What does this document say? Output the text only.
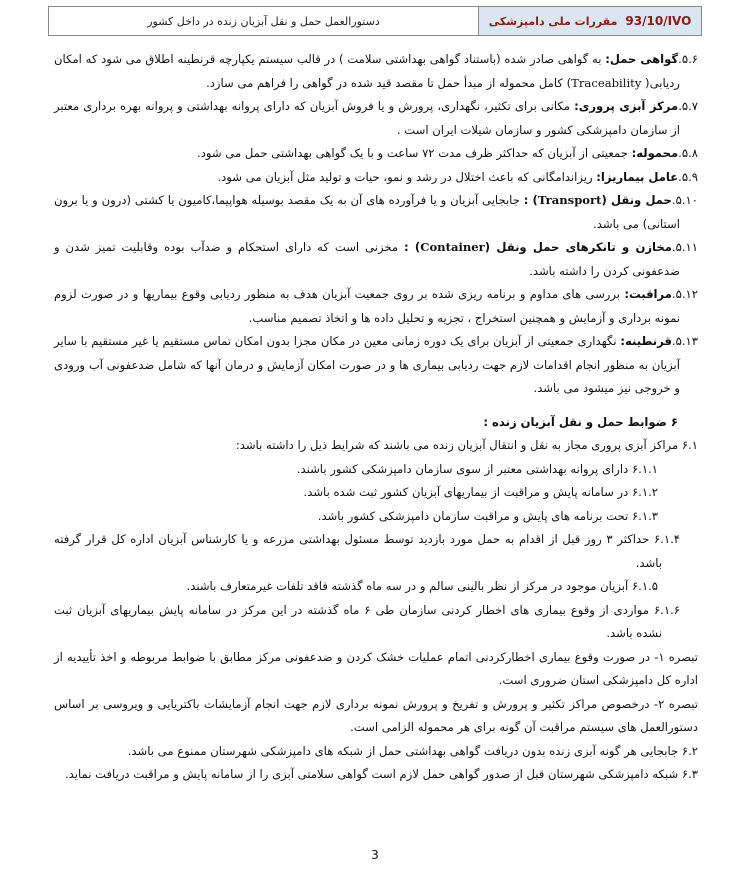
93/10/IVO
مقررات ملی دامپزشکی
دستورالعمل حمل و نقل آبزیان زنده در داخل کشور

۵.۶.گواهی حمل: به گواهی صادر شده (باستناد گواهی بهداشتی سلامت ) در قالب سیستم یکپارچه قرنطینه اطلاق می شود که امکان ردیابی( Traceability) کامل محموله از مبدأ حمل تا مقصد قید شده در گواهی را فراهم می سازد.

۵.۷.مرکز آبزی پروری: مکانی برای تکثیر، نگهداری، پرورش و یا فروش آبزیان که دارای پروانه بهداشتی و پروانه بهره برداری معتبر از سازمان دامپزشکی کشور و سازمان شیلات ایران است .

۵.۸.محموله: جمعیتی از آبزیان که حداکثر ظرف مدت ۷۲ ساعت و با یک گواهی بهداشتی حمل می شود.

۵.۹.عامل بیماریزا: ریزاندامگانی که باعث اختلال در رشد و نمو، حیات و تولید مثل آبزیان می شود.

۵.۱۰.حمل ونقل (Transport) : جابجایی آبزیان و یا فرآورده های آن به یک مقصد بوسیله هواپیما،کامیون یا کشتی (درون و یا برون استانی) می باشد.

۵.۱۱.مخازن و تانکرهای حمل ونقل (Container) : مخزنی است که دارای استحکام و ضدآب بوده وقابلیت تمیز شدن و ضدعفونی کردن را داشته باشد.

۵.۱۲.مراقبت: بررسی های مداوم و برنامه ریزی شده بر روی جمعیت آبزیان هدف به منظور ردیابی وقوع بیماریها و در صورت لزوم نمونه برداری و آزمایش و همچنین استخراج ، تجزیه و تحلیل داده ها و اتخاذ تصمیم مناسب.

۵.۱۳.قرنطینه: نگهداری جمعیتی از آبزیان برای یک دوره زمانی معین در مکان مجزا بدون امکان تماس مستقیم یا غیر مستقیم با سایر آبزیان به منظور انجام اقدامات لازم جهت ردیابی بیماری ها و در صورت امکان آزمایش و درمان آنها که شامل ضدعفونی آب ورودی و خروجی نیز میشود می باشد.

۶ ضوابط حمل و نقل آبزیان زنده :

۶.۱ مراکز آبزی پروری مجاز به نقل و انتقال آبزیان زنده می باشند که شرایط ذیل را داشته باشد:

۶.۱.۱ دارای پروانه بهداشتی معتبر از سوی سازمان دامپزشکی کشور باشند.

۶.۱.۲ در سامانه پایش و مراقبت از بیماریهای آبزیان کشور ثبت شده باشد.

۶.۱.۳ تحت برنامه های پایش و مراقبت سازمان دامپزشکی کشور باشد.

۶.۱.۴ حداکثر ۳ روز قبل از اقدام به حمل مورد بازدید توسط مسئول بهداشتی مزرعه و یا کارشناس آبزیان اداره کل قرار گرفته باشد.

۶.۱.۵ آبزیان موجود در مرکز از نظر بالینی سالم و در سه ماه گذشته فاقد تلفات غیرمتعارف باشند.

۶.۱.۶ مواردی از وقوع بیماری های اخطار کردنی سازمان طی ۶ ماه گذشته در این مرکز در سامانه پایش بیماریهای آبزیان ثبت نشده باشد.

تبصره ۱- در صورت وقوع بیماری اخطارکردنی اتمام عملیات خشک کردن و ضدعفونی مرکز مطابق با ضوابط مربوطه و اخذ تأییدیه از اداره کل دامپزشکی استان ضروری است.

تبصره ۲- درخصوص مراکز تکثیر و پرورش و تفریخ و پرورش نمونه برداری لازم جهت انجام آزمایشات باکتریایی و ویروسی بر اساس دستورالعمل های سیستم مراقبت آن گونه برای هر محموله الزامی است.

۶.۲ جابجایی هر گونه آبزی زنده بدون دریافت گواهی بهداشتی حمل از شبکه های دامپزشکی شهرستان ممنوع می باشد.

۶.۳ شبکه دامپزشکی شهرستان قبل از صدور گواهی حمل لازم است گواهی سلامتی آبزی را از سامانه پایش و مراقبت دریافت نماید.

3
